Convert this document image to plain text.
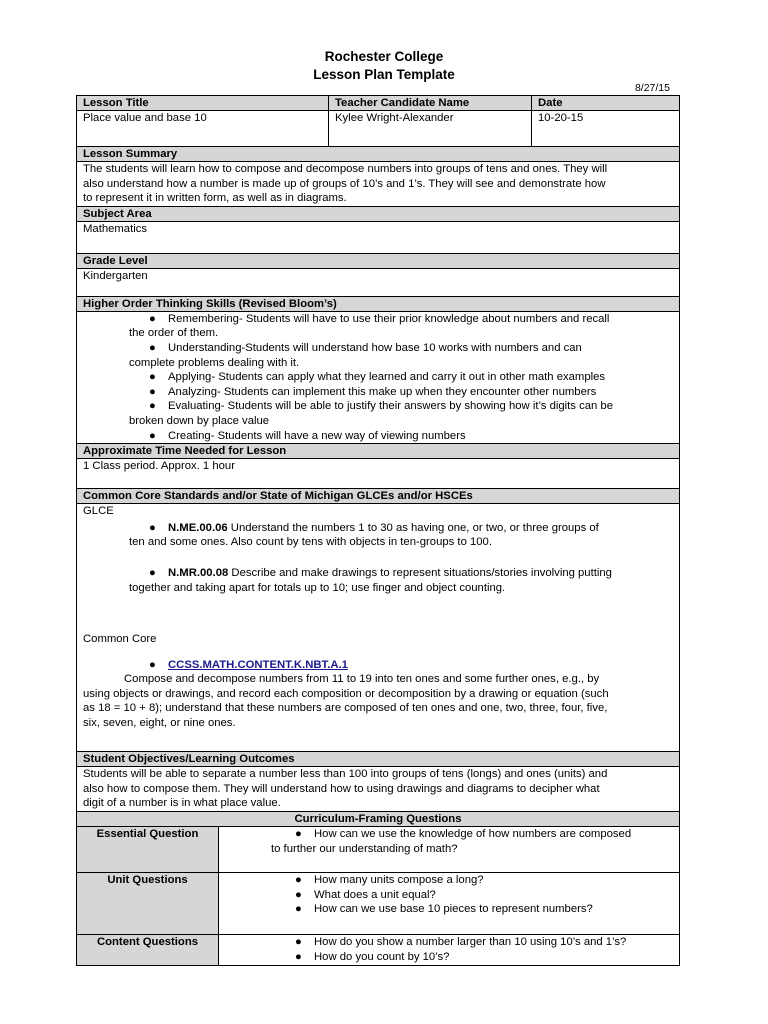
Rochester College
Lesson Plan Template
8/27/15
Lesson Title	Teacher Candidate Name	Date
Place value and base 10	Kylee Wright-Alexander	10-20-15
Lesson Summary
The students will learn how to compose and decompose numbers into groups of tens and ones. They will
also understand how a number is made up of groups of 10’s and 1’s. They will see and demonstrate how
to represent it in written form, as well as in diagrams.
Subject Area
Mathematics
Grade Level
Kindergarten
Higher Order Thinking Skills (Revised Bloom’s)
● Remembering- Students will have to use their prior knowledge about numbers and recall
the order of them.
● Understanding-Students will understand how base 10 works with numbers and can
complete problems dealing with it.
● Applying- Students can apply what they learned and carry it out in other math examples
● Analyzing- Students can implement this make up when they encounter other numbers
● Evaluating- Students will be able to justify their answers by showing how it’s digits can be
broken down by place value
● Creating- Students will have a new way of viewing numbers
Approximate Time Needed for Lesson
1 Class period. Approx. 1 hour
Common Core Standards and/or State of Michigan GLCEs and/or HSCEs
GLCE
● N.ME.00.06 Understand the numbers 1 to 30 as having one, or two, or three groups of
ten and some ones. Also count by tens with objects in ten-groups to 100.
● N.MR.00.08 Describe and make drawings to represent situations/stories involving putting
together and taking apart for totals up to 10; use finger and object counting.
Common Core
● CCSS.MATH.CONTENT.K.NBT.A.1
Compose and decompose numbers from 11 to 19 into ten ones and some further ones, e.g., by
using objects or drawings, and record each composition or decomposition by a drawing or equation (such
as 18 = 10 + 8); understand that these numbers are composed of ten ones and one, two, three, four, five,
six, seven, eight, or nine ones.
Student Objectives/Learning Outcomes
Students will be able to separate a number less than 100 into groups of tens (longs) and ones (units) and
also how to compose them. They will understand how to using drawings and diagrams to decipher what
digit of a number is in what place value.
Curriculum-Framing Questions
Essential Question	● How can we use the knowledge of how numbers are composed
to further our understanding of math?
Unit Questions	● How many units compose a long?
● What does a unit equal?
● How can we use base 10 pieces to represent numbers?
Content Questions	● How do you show a number larger than 10 using 10’s and 1’s?
● How do you count by 10’s?
